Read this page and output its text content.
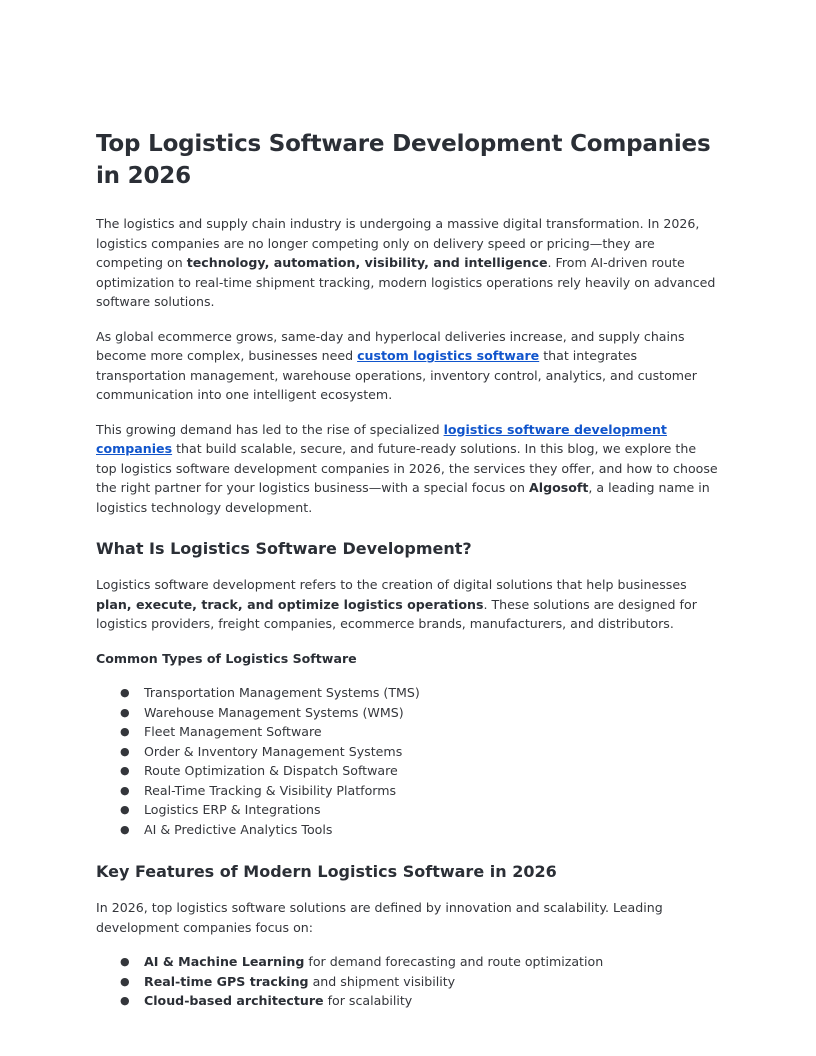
Top Logistics Software Development Companies in 2026

The logistics and supply chain industry is undergoing a massive digital transformation. In 2026, logistics companies are no longer competing only on delivery speed or pricing—they are competing on technology, automation, visibility, and intelligence. From AI-driven route optimization to real-time shipment tracking, modern logistics operations rely heavily on advanced software solutions.

As global ecommerce grows, same-day and hyperlocal deliveries increase, and supply chains become more complex, businesses need custom logistics software that integrates transportation management, warehouse operations, inventory control, analytics, and customer communication into one intelligent ecosystem.

This growing demand has led to the rise of specialized logistics software development companies that build scalable, secure, and future-ready solutions. In this blog, we explore the top logistics software development companies in 2026, the services they offer, and how to choose the right partner for your logistics business—with a special focus on Algosoft, a leading name in logistics technology development.

What Is Logistics Software Development?

Logistics software development refers to the creation of digital solutions that help businesses plan, execute, track, and optimize logistics operations. These solutions are designed for logistics providers, freight companies, ecommerce brands, manufacturers, and distributors.

Common Types of Logistics Software
● Transportation Management Systems (TMS)
● Warehouse Management Systems (WMS)
● Fleet Management Software
● Order & Inventory Management Systems
● Route Optimization & Dispatch Software
● Real-Time Tracking & Visibility Platforms
● Logistics ERP & Integrations
● AI & Predictive Analytics Tools
Key Features of Modern Logistics Software in 2026

In 2026, top logistics software solutions are defined by innovation and scalability. Leading development companies focus on:

● AI & Machine Learning for demand forecasting and route optimization
● Real-time GPS tracking and shipment visibility
● Cloud-based architecture for scalability
